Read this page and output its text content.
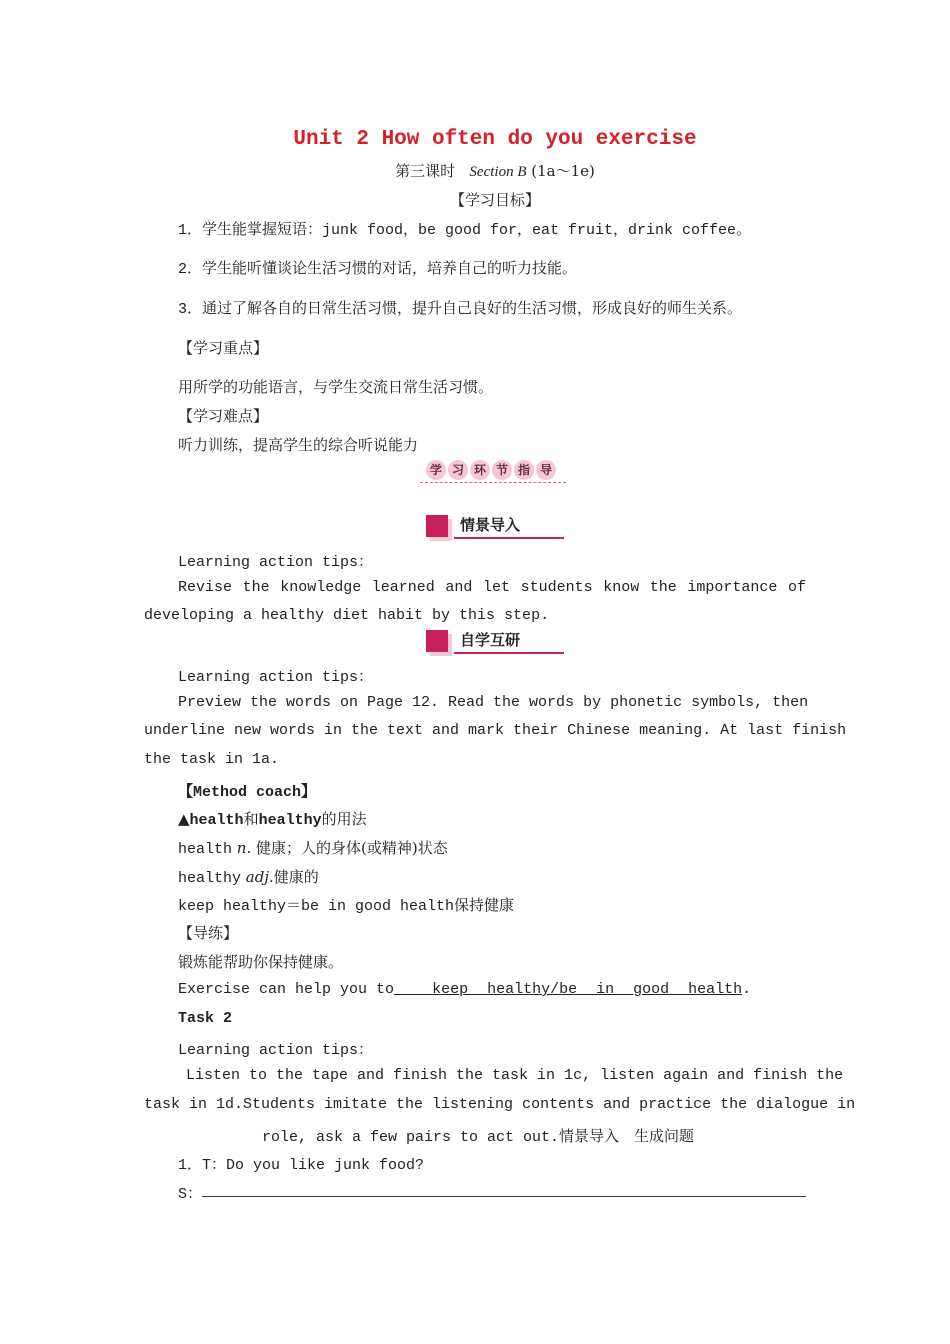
Unit 2 How often do you exercise
第三课时 Section B (1a～1e)
【学习目标】
1．学生能掌握短语：junk food，be good for，eat fruit，drink coffee。
2．学生能听懂谈论生活习惯的对话，培养自己的听力技能。
3．通过了解各自的日常生活习惯，提升自己良好的生活习惯，形成良好的师生关系。
【学习重点】
用所学的功能语言，与学生交流日常生活习惯。
【学习难点】
听力训练，提高学生的综合听说能力
学 习 环 节 指 导
情景导入
Learning action tips：
Revise the knowledge learned and let students know the importance of
developing a healthy diet habit by this step.
自学互研
Learning action tips：
Preview the words on Page 12. Read the words by phonetic symbols, then
underline new words in the text and mark their Chinese meaning. At last finish
the task in 1a.
【Method coach】
▲health和healthy的用法
health n. 健康；人的身体(或精神)状态
healthy adj.健康的
keep healthy＝be in good health保持健康
【导练】
锻炼能帮助你保持健康。
Exercise can help you to	keep healthy/be in good health.
Task 2
Learning action tips：
Listen to the tape and finish the task in 1c, listen again and finish the
task in 1d.Students imitate the listening contents and practice the dialogue in
role, ask a few pairs to act out.情景导入　生成问题
1．T：Do you like junk food?
S：
